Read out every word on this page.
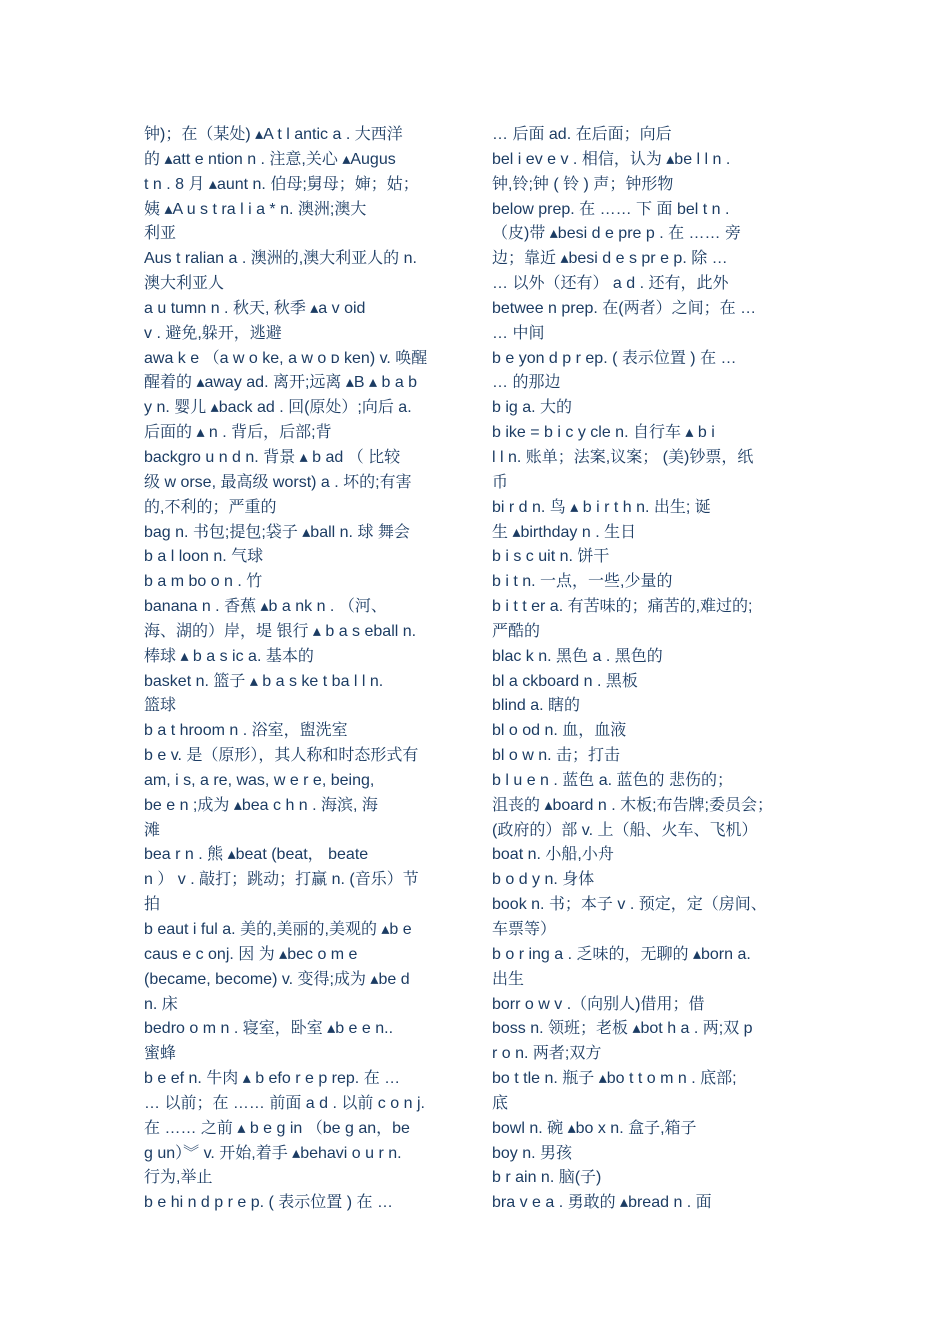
钟)；在（某处) ▴A t l antic a . 大西洋
的 ▴att e ntion n . 注意,关心 ▴Augus
t n . 8 月 ▴aunt n. 伯母;舅母；婶；姑；
姨 ▴A u s t ra l i a * n. 澳洲;澳大
利亚
Aus t ralian a . 澳洲的,澳大利亚人的 n.
澳大利亚人
a u tumn n . 秋天, 秋季 ▴a v oid
v . 避免,躲开，逃避
awa k e （a w o ke, a w o ᴅ ken) v. 唤醒
醒着的 ▴away ad. 离开;远离 ▴B ▴ b a b
y n. 婴儿 ▴back ad . 回(原处）;向后 a.
后面的 ▴ n . 背后，后部;背
backgro u n d n. 背景 ▴ b ad （ 比较
级 w orse, 最高级 worst) a . 坏的;有害
的,不利的；严重的
bag n. 书包;提包;袋子 ▴ball n. 球 舞会
b a l loon n. 气球
b a m bo o n . 竹
banana n . 香蕉 ▴b a nk n . （河、
海、湖的）岸，堤 银行 ▴ b a s eball n.
棒球 ▴ b a s ic a. 基本的
basket n. 篮子 ▴ b a s ke t ba l l n.
篮球
b a t hroom n . 浴室，盥洗室
b e v. 是（原形），其人称和时态形式有
am, i s, a re, was, w e r e, being,
be e n ;成为 ▴bea c h n . 海滨, 海
滩
bea r n . 熊 ▴beat (beat， beate
n ） v . 敲打；跳动；打赢 n. (音乐）节
拍
b eaut i ful a. 美的,美丽的,美观的 ▴b e
caus e c onj. 因 为 ▴bec o m e
(became, become) v. 变得;成为 ▴be d
n. 床
bedro o m n . 寝室，卧室 ▴b e e n..
蜜蜂
b e ef n. 牛肉 ▴ b efo r e p rep. 在 …
… 以前；在 …… 前面 a d . 以前 c o n j.
在 …… 之前 ▴ b e g in （be g an，be
g un）︾ v. 开始,着手 ▴behavi o u r n.
行为,举止
b e hi n d p r e p. ( 表示位置 ) 在 …
… 后面 ad. 在后面；向后
bel i ev e v . 相信，认为 ▴be l l n .
钟,铃;钟 ( 铃 ) 声；钟形物
below prep. 在 …… 下 面 bel t n .
（皮)带 ▴besi d e pre p . 在 …… 旁
边；靠近 ▴besi d e s pr e p. 除 …
… 以外（还有） a d . 还有，此外
betwee n prep. 在(两者）之间；在 …
… 中间
b e yon d p r ep. ( 表示位置 ) 在 …
… 的那边
b ig a. 大的
b ike = b i c y cle n. 自行车 ▴ b i
l l n. 账单；法案,议案； (美)钞票，纸
币
bi r d n. 鸟 ▴ b i r t h n. 出生; 诞
生 ▴birthday n . 生日
b i s c uit n. 饼干
b i t n. 一点，一些,少量的
b i t t er a. 有苦味的；痛苦的,难过的;
严酷的
blac k n. 黑色 a . 黑色的
bl a ckboard n . 黑板
blind a. 瞎的
bl o od n. 血，血液
bl o w n. 击；打击
b l u e n . 蓝色 a. 蓝色的 悲伤的；
沮丧的 ▴board n . 木板;布告牌;委员会；
(政府的）部 v. 上（船、火车、飞机）
boat n. 小船,小舟
b o d y n. 身体
book n. 书；本子 v . 预定，定（房间、
车票等）
b o r ing a . 乏味的，无聊的 ▴born a.
出生
borr o w v .（向别人)借用；借
boss n. 领班；老板 ▴bot h a . 两;双 p
r o n. 两者;双方
bo t tle n. 瓶子 ▴bo t t o m n . 底部;
底
bowl n. 碗 ▴bo x n. 盒子,箱子
boy n. 男孩
b r ain n. 脑(子)
bra v e a . 勇敢的 ▴bread n . 面
